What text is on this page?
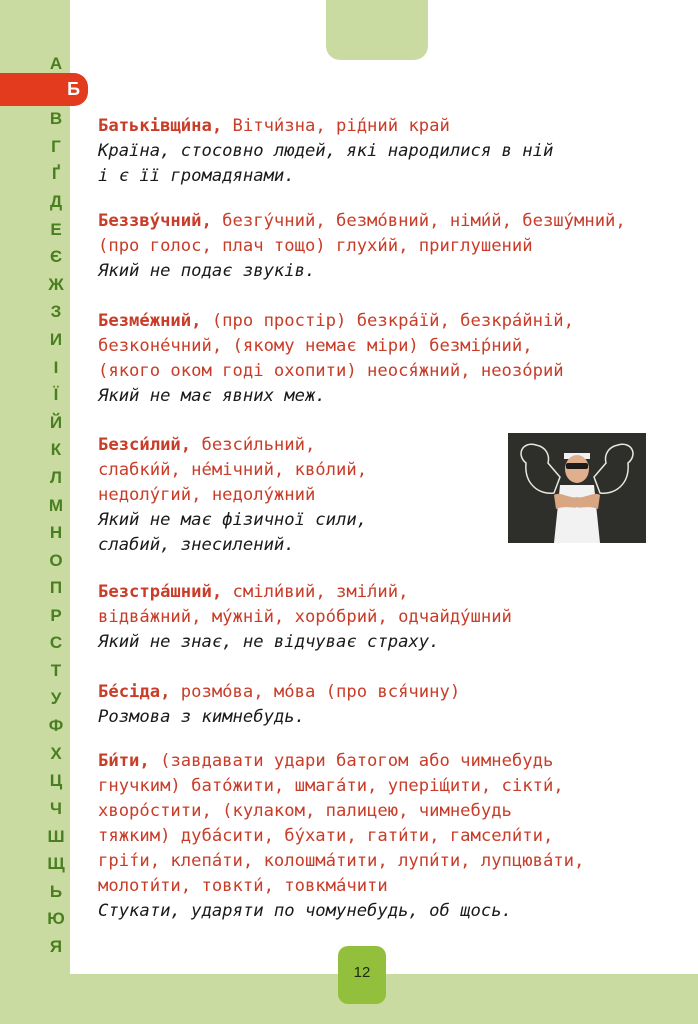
А
В
Г
Ґ
Д
Е
Є
Ж
З
И
І
Ї
Й
К
Л
М
Н
О
П
Р
С
Т
У
Ф
Х
Ц
Ч
Ш
Щ
Ь
Ю
Я
Б
Батьківщи́на, Вітчи́зна, рі́дний край
Країна, стосовно людей, які народилися в ній
і є її громадянами.
Беззву́чний, безгу́чний, безмо́вний, німи́й, безшу́мний,
(про голос, плач тощо) глухи́й, приглушений
Який не подає звуків.
Безме́жний, (про простір) безкра́їй, безкра́йній,
безконе́чний, (якому немає міри) безмі́рний,
(якого оком годі охопити) неося́жний, неозо́рий
Який не має явних меж.
Безси́лий, безси́льний,
слабки́й, не́мічний, кво́лий,
недолу́гий, недолу́жний
Який не має фізичної сили,
слабий, знесилений.
Безстра́шний, сміли́вий, змі́лий,
відва́жний, му́жній, хоро́брий, одчайду́шний
Який не знає, не відчуває страху.
Бе́сіда, розмо́ва, мо́ва (про вся́чину)
Розмова з кимнебудь.
Би́ти, (завдавати удари батогом або чимнебудь
гнучким) бато́жити, шмага́ти, упері́щити, сікти́,
хворо́стити, (кулаком, палицею, чимнебудь
тяжким) дуба́сити, бу́хати, гати́ти, гамсели́ти,
грі́ти, клепа́ти, колошма́тити, лупи́ти, лупцюва́ти,
молоти́ти, товкти́, товкма́чити
Стукати, ударяти по чомунебудь, об щось.
12
